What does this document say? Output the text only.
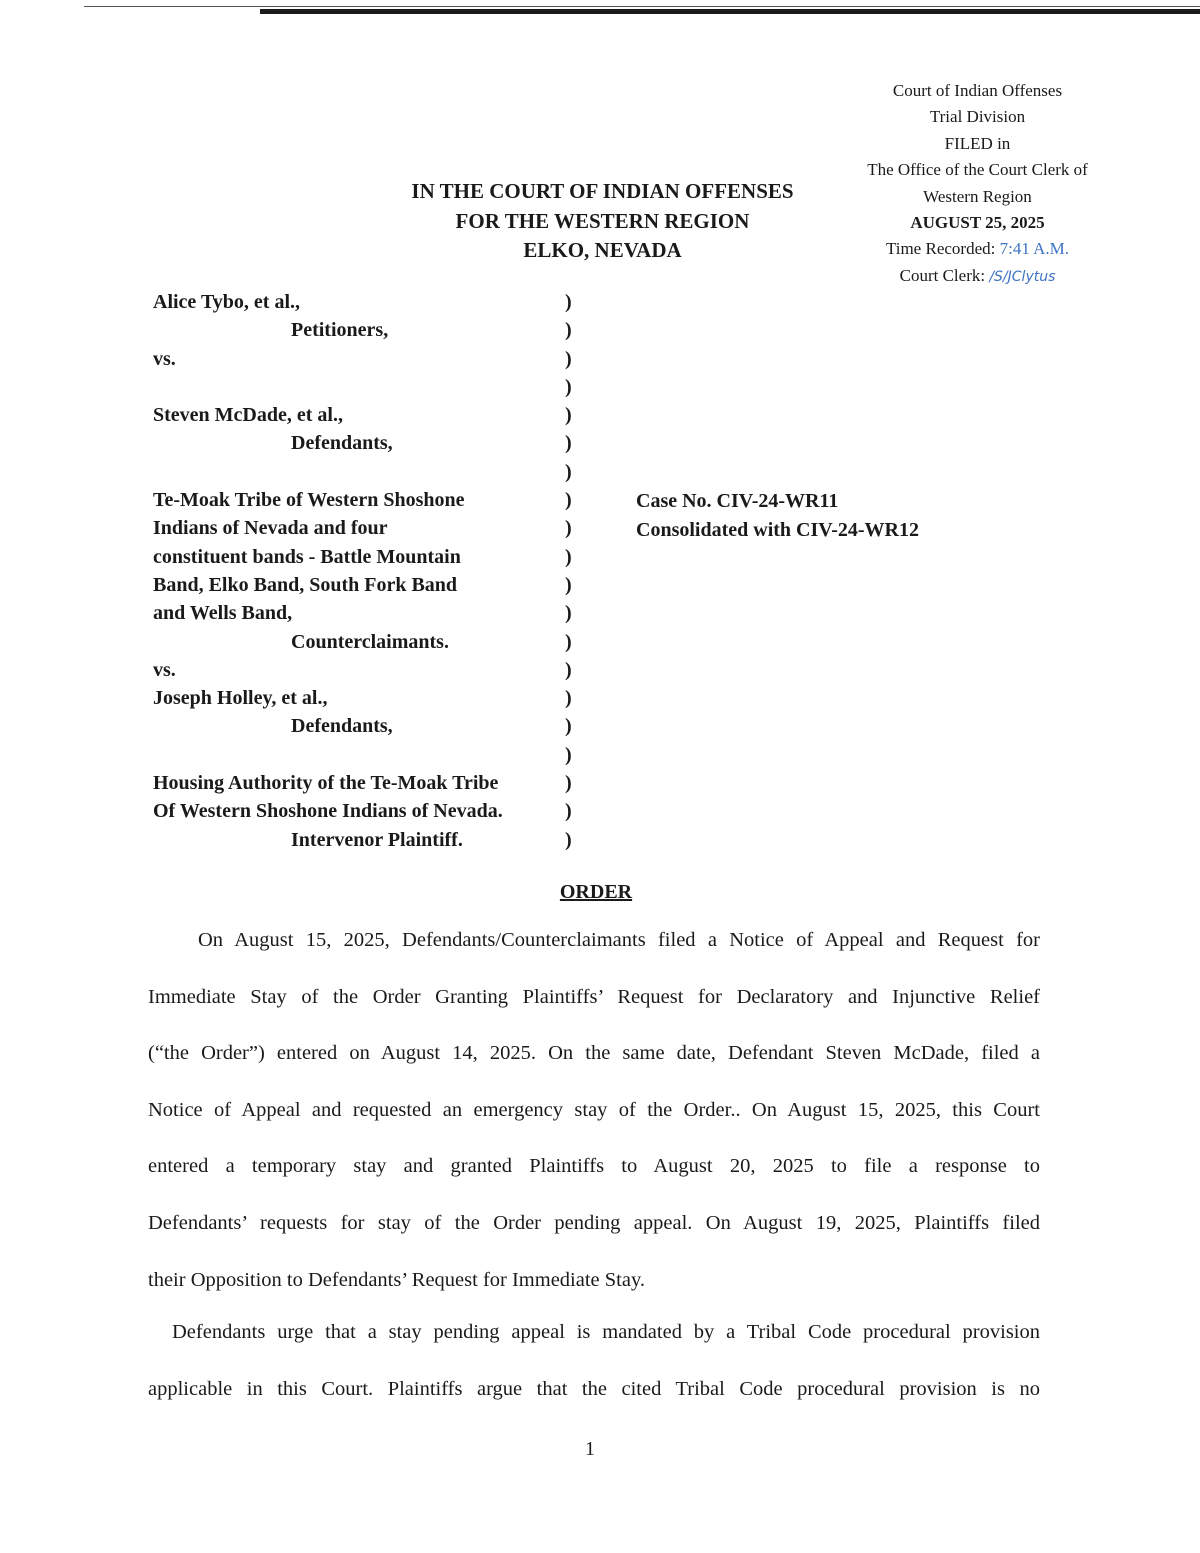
Court of Indian Offenses
Trial Division
FILED in
The Office of the Court Clerk of
Western Region
AUGUST 25, 2025
Time Recorded: 7:41 A.M.
Court Clerk: /S/JClytus
IN THE COURT OF INDIAN OFFENSES
FOR THE WESTERN REGION
ELKO, NEVADA
Alice Tybo, et al.,	)
Petitioners,	)
vs.	)
)
Steven McDade, et al.,	)
Defendants,	)
)
Te-Moak Tribe of Western Shoshone	)
Indians of Nevada and four	)
constituent bands - Battle Mountain	)
Band, Elko Band, South Fork Band	)
and Wells Band,	)
Counterclaimants.	)
vs.	)
Joseph Holley, et al.,	)
Defendants,	)
)
Housing Authority of the Te-Moak Tribe	)
Of Western Shoshone Indians of Nevada.	)
Intervenor Plaintiff.	)
Case No. CIV-24-WR11
Consolidated with CIV-24-WR12
ORDER
On August 15, 2025, Defendants/Counterclaimants filed a Notice of Appeal and Request for
Immediate Stay of the Order Granting Plaintiffs’ Request for Declaratory and Injunctive Relief
(“the Order”) entered on August 14, 2025. On the same date, Defendant Steven McDade, filed a
Notice of Appeal and requested an emergency stay of the Order.. On August 15, 2025, this Court
entered a temporary stay and granted Plaintiffs to August 20, 2025 to file a response to
Defendants’ requests for stay of the Order pending appeal. On August 19, 2025, Plaintiffs filed
their Opposition to Defendants’ Request for Immediate Stay.
Defendants urge that a stay pending appeal is mandated by a Tribal Code procedural provision
applicable in this Court. Plaintiffs argue that the cited Tribal Code procedural provision is no
1
